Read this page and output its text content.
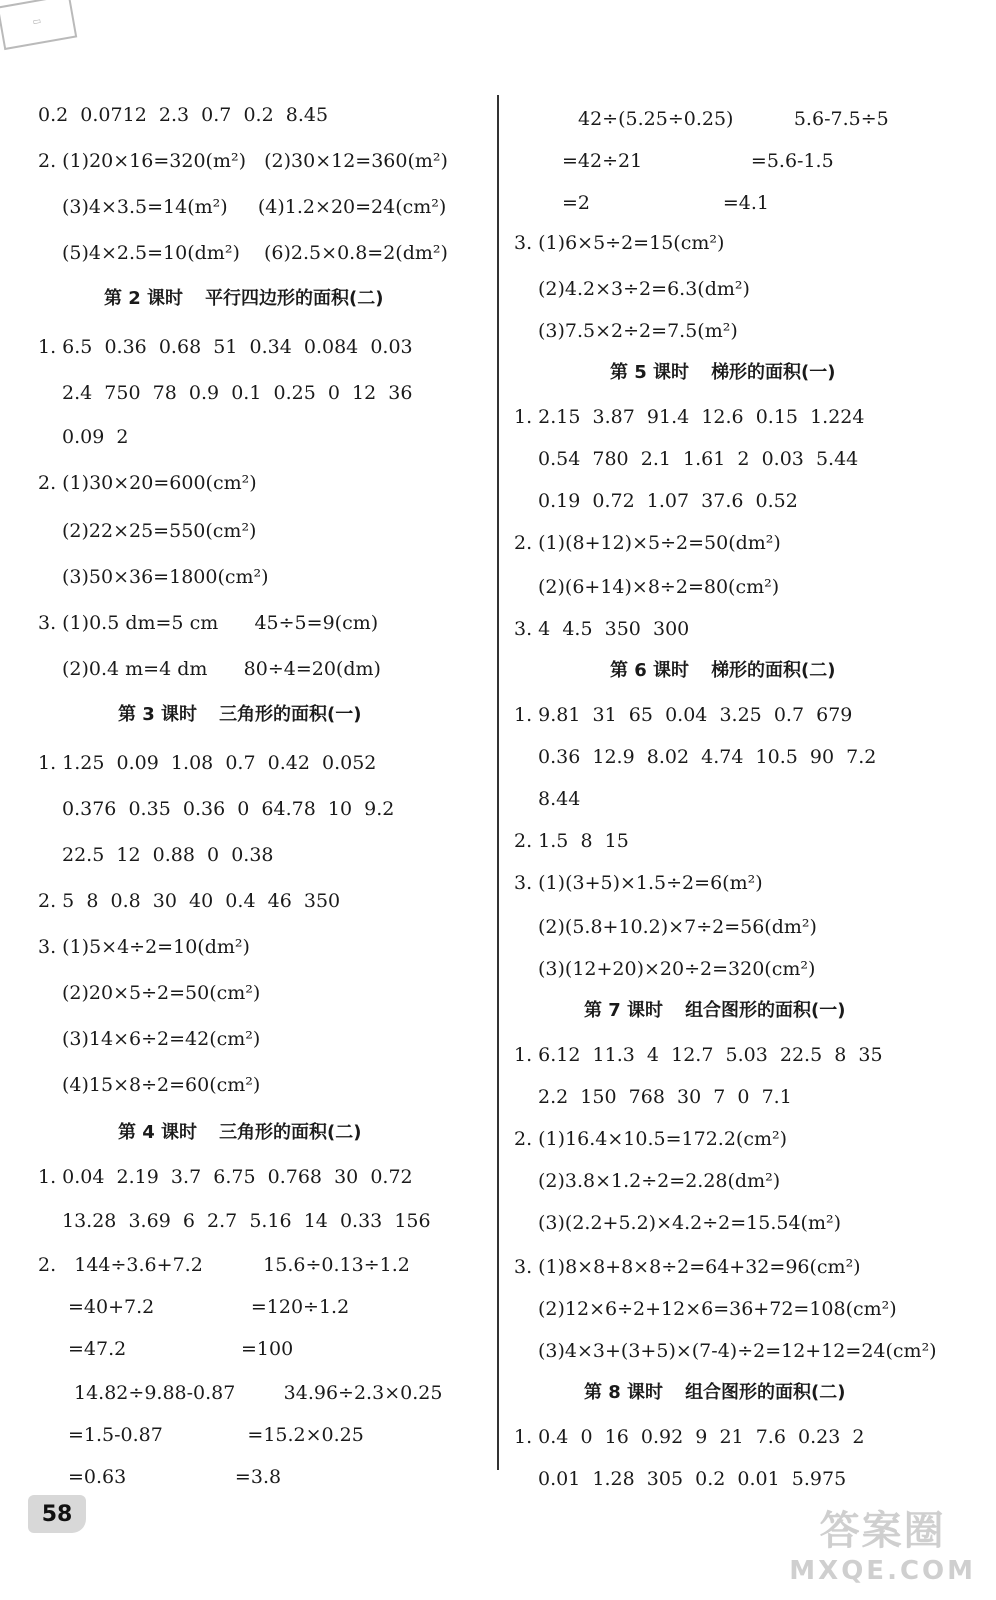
0.2  0.0712  2.3  0.7  0.2  8.45
2. (1)20×16=320(m²)   (2)30×12=360(m²)
(3)4×3.5=14(m²)     (4)1.2×20=24(cm²)
(5)4×2.5=10(dm²)    (6)2.5×0.8=2(dm²)
第 2 课时 平行四边形的面积(二)
1. 6.5  0.36  0.68  51  0.34  0.084  0.03
2.4  750  78  0.9  0.1  0.25  0  12  36
0.09  2
2. (1)30×20=600(cm²)
(2)22×25=550(cm²)
(3)50×36=1800(cm²)
3. (1)0.5 dm=5 cm      45÷5=9(cm)
(2)0.4 m=4 dm      80÷4=20(dm)
第 3 课时 三角形的面积(一)
1. 1.25  0.09  1.08  0.7  0.42  0.052
0.376  0.35  0.36  0  64.78  10  9.2
22.5  12  0.88  0  0.38
2. 5  8  0.8  30  40  0.4  46  350
3. (1)5×4÷2=10(dm²)
(2)20×5÷2=50(cm²)
(3)14×6÷2=42(cm²)
(4)15×8÷2=60(cm²)
第 4 课时 三角形的面积(二)
1. 0.04  2.19  3.7  6.75  0.768  30  0.72
13.28  3.69  6  2.7  5.16  14  0.33  156
2.   144÷3.6+7.2          15.6÷0.13÷1.2
=40+7.2                =120÷1.2
=47.2                   =100
14.82÷9.88-0.87        34.96÷2.3×0.25
=1.5-0.87              =15.2×0.25
=0.63                  =3.8
42÷(5.25÷0.25)          5.6-7.5÷5
=42÷21                  =5.6-1.5
=2                      =4.1
3. (1)6×5÷2=15(cm²)
(2)4.2×3÷2=6.3(dm²)
(3)7.5×2÷2=7.5(m²)
第 5 课时 梯形的面积(一)
1. 2.15  3.87  91.4  12.6  0.15  1.224
0.54  780  2.1  1.61  2  0.03  5.44
0.19  0.72  1.07  37.6  0.52
2. (1)(8+12)×5÷2=50(dm²)
(2)(6+14)×8÷2=80(cm²)
3. 4  4.5  350  300
第 6 课时 梯形的面积(二)
1. 9.81  31  65  0.04  3.25  0.7  679
0.36  12.9  8.02  4.74  10.5  90  7.2
8.44
2. 1.5  8  15
3. (1)(3+5)×1.5÷2=6(m²)
(2)(5.8+10.2)×7÷2=56(dm²)
(3)(12+20)×20÷2=320(cm²)
第 7 课时 组合图形的面积(一)
1. 6.12  11.3  4  12.7  5.03  22.5  8  35
2.2  150  768  30  7  0  7.1
2. (1)16.4×10.5=172.2(cm²)
(2)3.8×1.2÷2=2.28(dm²)
(3)(2.2+5.2)×4.2÷2=15.54(m²)
3. (1)8×8+8×8÷2=64+32=96(cm²)
(2)12×6÷2+12×6=36+72=108(cm²)
(3)4×3+(3+5)×(7-4)÷2=12+12=24(cm²)
第 8 课时 组合图形的面积(二)
1. 0.4  0  16  0.92  9  21  7.6  0.23  2
0.01  1.28  305  0.2  0.01  5.975
▭
58	答案圈
MXQE.COM
